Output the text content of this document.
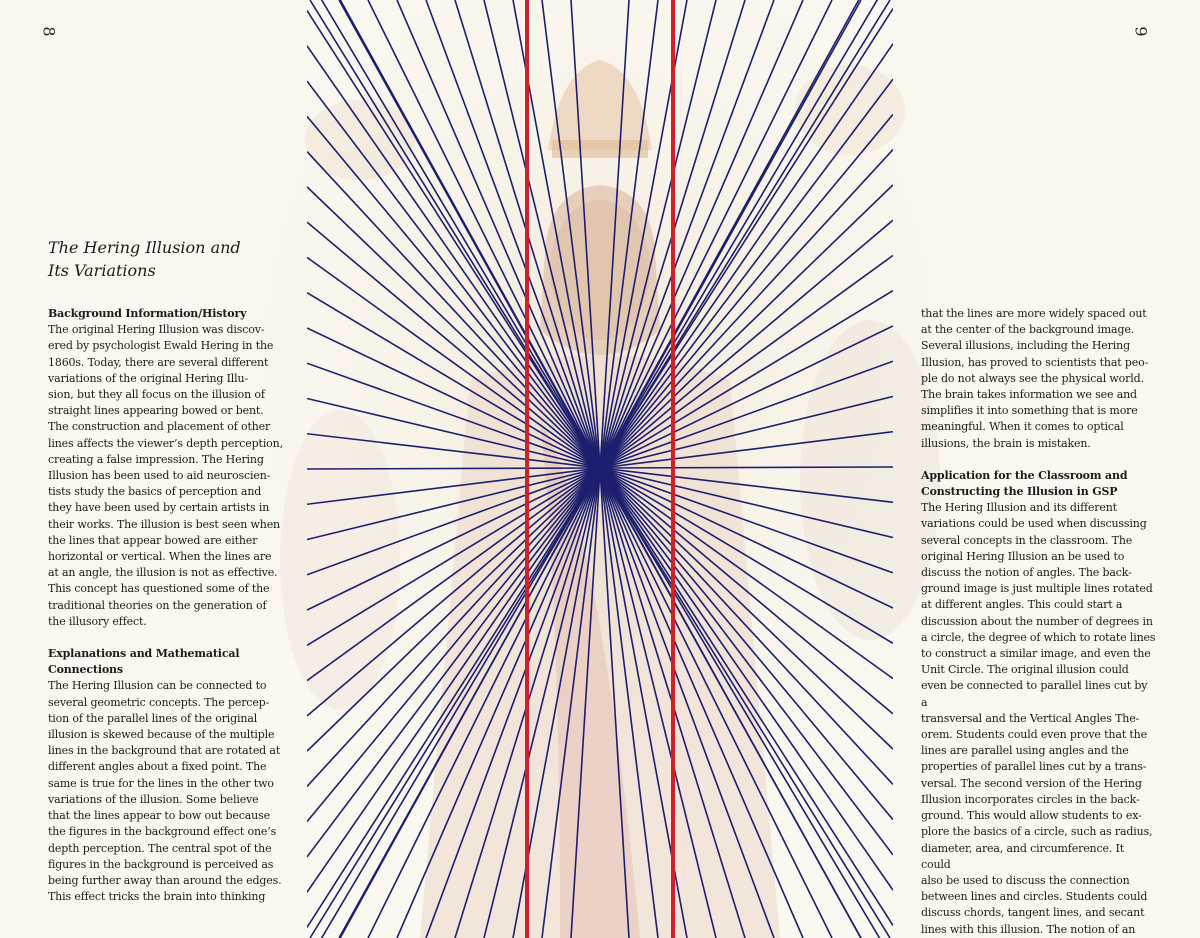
8	9
The Hering Illusion and
Its Variations
Background Information/History

The original Hering Illusion was discov-

ered by psychologist Ewald Hering in the

1860s. Today, there are several different

variations of the original Hering Illu-

sion, but they all focus on the illusion of

straight lines appearing bowed or bent.

The construction and placement of other

lines affects the viewer’s depth perception,

creating a false impression. The Hering

Illusion has been used to aid neuroscien-

tists study the basics of perception and

they have been used by certain artists in

their works. The illusion is best seen when

the lines that appear bowed are either

horizontal or vertical. When the lines are

at an angle, the illusion is not as effective.

This concept has questioned some of the

traditional theories on the generation of

the illusory effect.

Explanations and Mathematical
Connections

The Hering Illusion can be connected to

several geometric concepts. The percep-

tion of the parallel lines of the original

illusion is skewed because of the multiple

lines in the background that are rotated at

different angles about a fixed point. The

same is true for the lines in the other two

variations of the illusion. Some believe

that the lines appear to bow out because

the figures in the background effect one’s

depth perception. The central spot of the

figures in the background is perceived as

being further away than around the edges.

This effect tricks the brain into thinking

that the lines are more widely spaced out

at the center of the background image.

Several illusions, including the Hering

Illusion, has proved to scientists that peo-

ple do not always see the physical world.

The brain takes information we see and

simplifies it into something that is more

meaningful. When it comes to optical

illusions, the brain is mistaken.

Application for the Classroom and
Constructing the Illusion in GSP

The Hering Illusion and its different

variations could be used when discussing

several concepts in the classroom. The

original Hering Illusion an be used to

discuss the notion of angles. The back-

ground image is just multiple lines rotated

at different angles. This could start a

discussion about the number of degrees in

a circle, the degree of which to rotate lines

to construct a similar image, and even the

Unit Circle. The original illusion could

even be connected to parallel lines cut by a

transversal and the Vertical Angles The-

orem. Students could even prove that the

lines are parallel using angles and the

properties of parallel lines cut by a trans-

versal. The second version of the Hering

Illusion incorporates circles in the back-

ground. This would allow students to ex-

plore the basics of a circle, such as radius,

diameter, area, and circumference. It could

also be used to discuss the connection

between lines and circles. Students could

discuss chords, tangent lines, and secant

lines with this illusion. The notion of an
